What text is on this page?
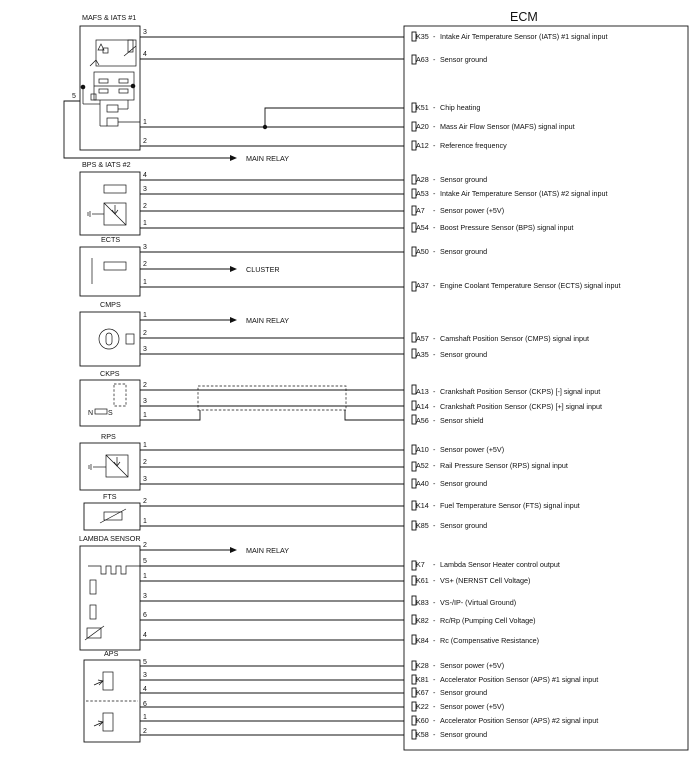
ECM
K35 - Intake Air Temperature Sensor (IATS) #1 signal input
A63 - Sensor ground
K51 - Chip heating
A20 - Mass Air Flow Sensor (MAFS) signal input
A12 - Reference frequency
A28 - Sensor ground
A53 - Intake Air Temperature Sensor (IATS) #2 signal input
A7 - Sensor power (+5V)
A54 - Boost Pressure Sensor (BPS) signal input
A50 - Sensor ground
A37 - Engine Coolant Temperature Sensor (ECTS) signal input
A57 - Camshaft Position Sensor (CMPS) signal input
A35 - Sensor ground
A13 - Crankshaft Position Sensor (CKPS) [-] signal input
A14 - Crankshaft Position Sensor (CKPS) [+] signal input
A56 - Sensor shield
A10 - Sensor power (+5V)
A52 - Rail Pressure Sensor (RPS) signal input
A40 - Sensor ground
K14 - Fuel Temperature Sensor (FTS) signal input
K85 - Sensor ground
K7 - Lambda Sensor Heater control output
K61 - VS+ (NERNST Cell Voltage)
K83 - VS-/IP- (Virtual Ground)
K82 - Rc/Rp (Pumping Cell Voltage)
K84 - Rc (Compensative Resistance)
K28 - Sensor power (+5V)
K81 - Accelerator Position Sensor (APS) #1 signal input
K67 - Sensor ground
K22 - Sensor power (+5V)
K60 - Accelerator Position Sensor (APS) #2 signal input
K58 - Sensor ground
MAFS & IATS #1
3
4
5
1
2
MAIN RELAY
BPS & IATS #2
4
3
2
1
ECTS
3
2
1
CLUSTER
CMPS
1
2
3
MAIN RELAY
CKPS
N S
2
3
1
RPS
1
2
3
FTS
2
1
LAMBDA SENSOR
2
5
1
3
6
4
MAIN RELAY
APS
5
3
4
6
1
2
